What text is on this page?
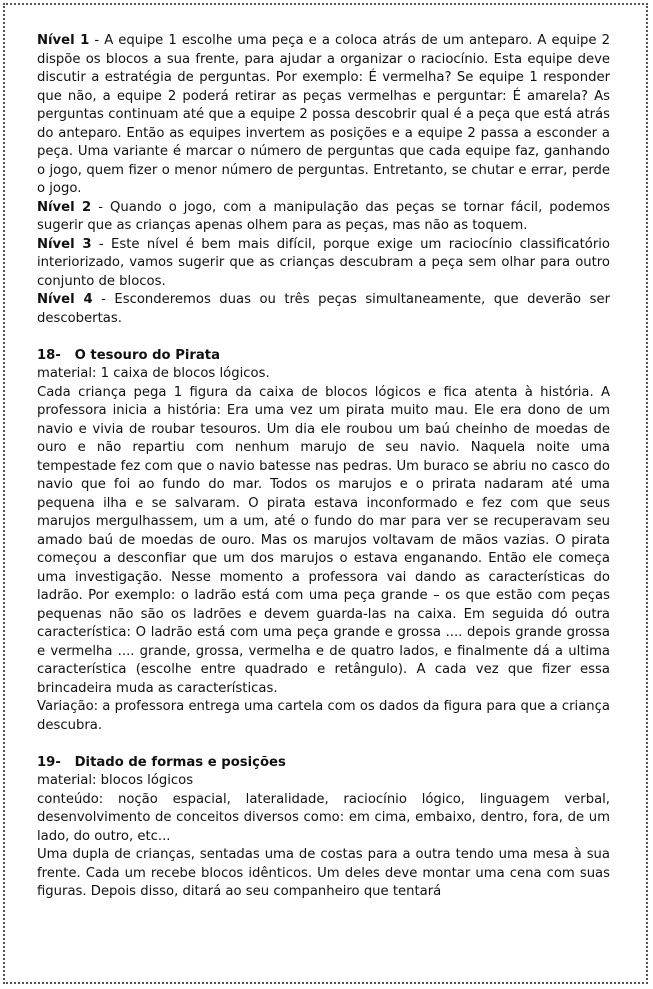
Nível 1 - A equipe 1 escolhe uma peça e a coloca atrás de um anteparo. A equipe 2 dispõe os blocos a sua frente, para ajudar a organizar o raciocínio. Esta equipe deve discutir a estratégia de perguntas. Por exemplo: É vermelha? Se equipe 1 responder que não, a equipe 2 poderá retirar as peças vermelhas e perguntar: É amarela? As perguntas continuam até que a equipe 2 possa descobrir qual é a peça que está atrás do anteparo. Então as equipes invertem as posições e a equipe 2 passa a esconder a peça. Uma variante é marcar o número de perguntas que cada equipe faz, ganhando o jogo, quem fizer o menor número de perguntas. Entretanto, se chutar e errar, perde o jogo.

Nível 2 - Quando o jogo, com a manipulação das peças se tornar fácil, podemos sugerir que as crianças apenas olhem para as peças, mas não as toquem.

Nível 3 - Este nível é bem mais difícil, porque exige um raciocínio classificatório interiorizado, vamos sugerir que as crianças descubram a peça sem olhar para outro conjunto de blocos.

Nível 4 - Esconderemos duas ou três peças simultaneamente, que deverão ser descobertas.

18-   O tesouro do Pirata

material: 1 caixa de blocos lógicos.

Cada criança pega 1 figura da caixa de blocos lógicos e fica atenta à história. A professora inicia a história: Era uma vez um pirata muito mau. Ele era dono de um navio e vivia de roubar tesouros. Um dia ele roubou um baú cheinho de moedas de ouro e não repartiu com nenhum marujo de seu navio. Naquela noite uma tempestade fez com que o navio batesse nas pedras. Um buraco se abriu no casco do navio que foi ao fundo do mar. Todos os marujos e o prirata nadaram até uma pequena ilha e se salvaram. O pirata estava inconformado e fez com que seus marujos mergulhassem, um a um, até o fundo do mar para ver se recuperavam seu amado baú de moedas de ouro. Mas os marujos voltavam de mãos vazias. O pirata começou a desconfiar que um dos marujos o estava enganando. Então ele começa uma investigação. Nesse momento a professora vai dando as características do ladrão. Por exemplo: o ladrão está com uma peça grande – os que estão com peças pequenas não são os ladrões e devem guarda-las na caixa. Em seguida dó outra característica: O ladrão está com uma peça grande e grossa .... depois grande grossa e vermelha .... grande, grossa, vermelha e de quatro lados, e finalmente dá a ultima característica (escolhe entre quadrado e retângulo). A cada vez que fizer essa brincadeira muda as características.

Variação: a professora entrega uma cartela com os dados da figura para que a criança descubra.

19-   Ditado de formas e posições

material: blocos lógicos

conteúdo: noção espacial, lateralidade, raciocínio lógico, linguagem verbal, desenvolvimento de conceitos diversos como: em cima, embaixo, dentro, fora, de um lado, do outro, etc...

Uma dupla de crianças, sentadas uma de costas para a outra tendo uma mesa à sua frente. Cada um recebe blocos idênticos. Um deles deve montar uma cena com suas figuras. Depois disso, ditará ao seu companheiro que tentará
